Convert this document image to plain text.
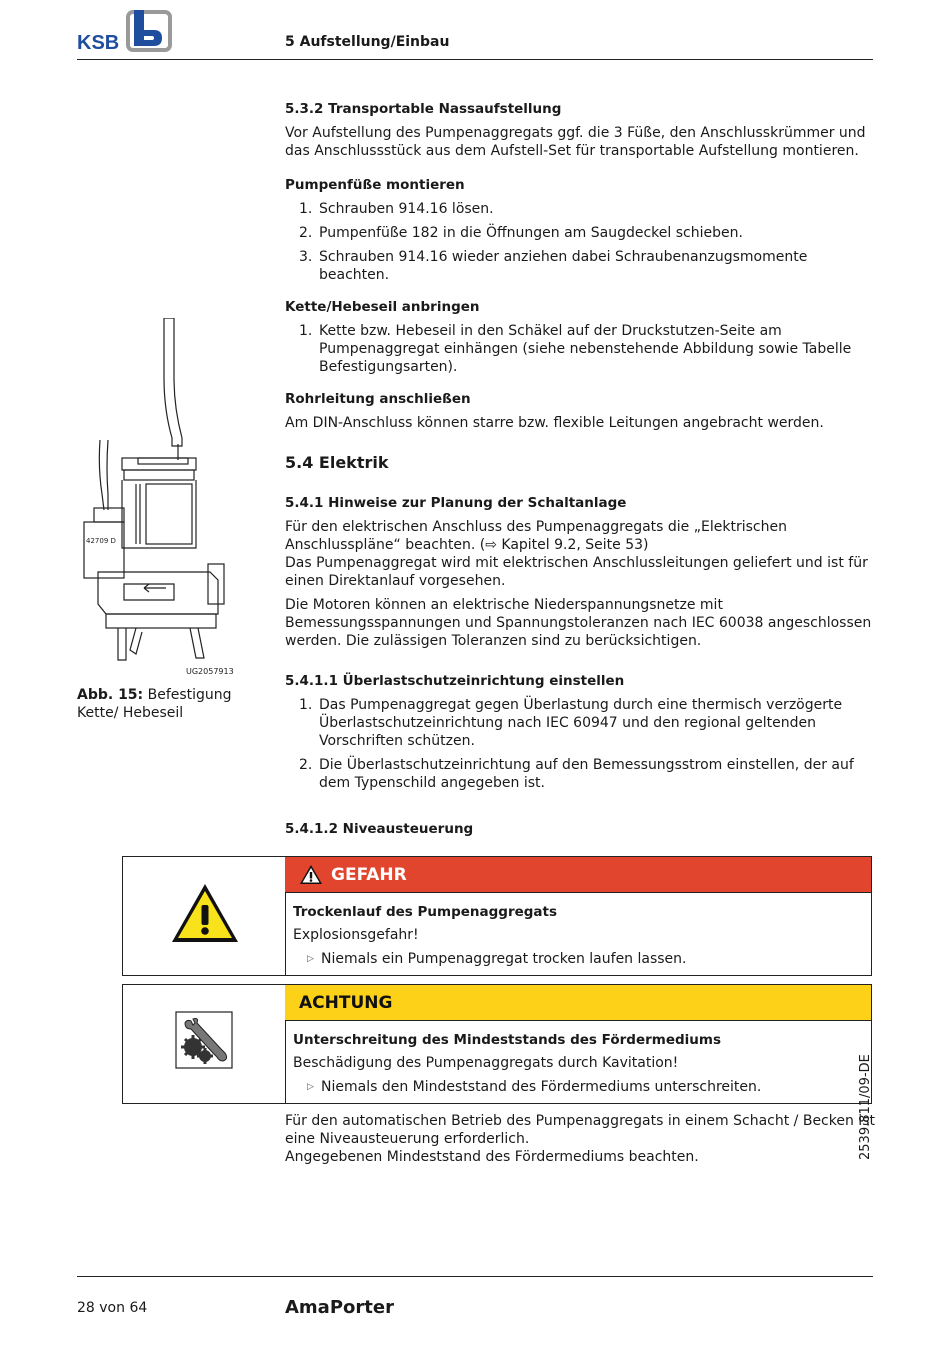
KSB	5 Aufstellung/Einbau
42709 D
UG2057913
Abb. 15: Befestigung Kette/ Hebeseil
5.3.2 Transportable Nassaufstellung

Vor Aufstellung des Pumpenaggregats ggf. die 3 Füße, den Anschlusskrümmer und das Anschlussstück aus dem Aufstell-Set für transportable Aufstellung montieren.

Pumpenfüße montieren
1. Schrauben 914.16 lösen.
2. Pumpenfüße 182 in die Öffnungen am Saugdeckel schieben.
3. Schrauben 914.16 wieder anziehen dabei Schraubenanzugsmomente beachten.
Kette/Hebeseil anbringen
1. Kette bzw. Hebeseil in den Schäkel auf der Druckstutzen-Seite am Pumpenaggregat einhängen (siehe nebenstehende Abbildung sowie Tabelle Befestigungsarten).
Rohrleitung anschließen

Am DIN-Anschluss können starre bzw. flexible Leitungen angebracht werden.

5.4 Elektrik
5.4.1 Hinweise zur Planung der Schaltanlage

Für den elektrischen Anschluss des Pumpenaggregats die „Elektrischen Anschlusspläne“ beachten. (⇨ Kapitel 9.2, Seite 53)

Das Pumpenaggregat wird mit elektrischen Anschlussleitungen geliefert und ist für einen Direktanlauf vorgesehen.

Die Motoren können an elektrische Niederspannungsnetze mit Bemessungsspannungen und Spannungstoleranzen nach IEC 60038 angeschlossen werden. Die zulässigen Toleranzen sind zu berücksichtigen.

5.4.1.1 Überlastschutzeinrichtung einstellen
1. Das Pumpenaggregat gegen Überlastung durch eine thermisch verzögerte Überlastschutzeinrichtung nach IEC 60947 und den regional geltenden Vorschriften schützen.
2. Die Überlastschutzeinrichtung auf den Bemessungsstrom einstellen, der auf dem Typenschild angegeben ist.
5.4.1.2 Niveausteuerung
GEFAHR
Trockenlauf des Pumpenaggregats
Explosionsgefahr!
▷ Niemals ein Pumpenaggregat trocken laufen lassen.
ACHTUNG
Unterschreitung des Mindeststands des Fördermediums
Beschädigung des Pumpenaggregats durch Kavitation!
▷ Niemals den Mindeststand des Fördermediums unterschreiten.

Für den automatischen Betrieb des Pumpenaggregats in einem Schacht / Becken ist eine Niveausteuerung erforderlich.

Angegebenen Mindeststand des Fördermediums beachten.	2539.811/09-DE
28 von 64	AmaPorter
